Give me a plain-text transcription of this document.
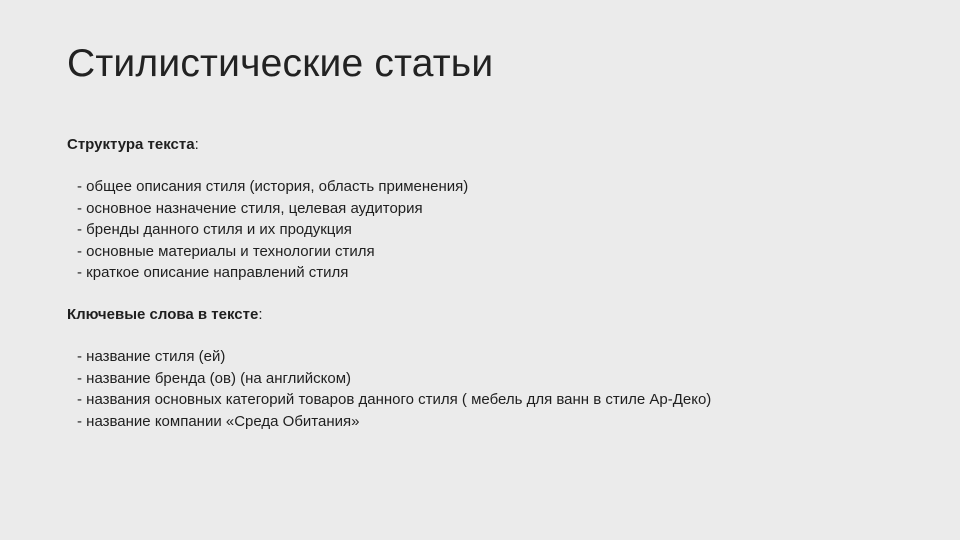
Стилистические статьи
Структура текста:
- общее описания стиля (история, область применения)
- основное назначение стиля, целевая аудитория
- бренды данного стиля и их продукция
- основные материалы и технологии стиля
- краткое описание направлений стиля
Ключевые слова в тексте:
- название стиля (ей)
- название бренда (ов) (на английском)
- названия основных категорий товаров данного стиля ( мебель для ванн в стиле Ар-Деко)
- название компании «Среда Обитания»
